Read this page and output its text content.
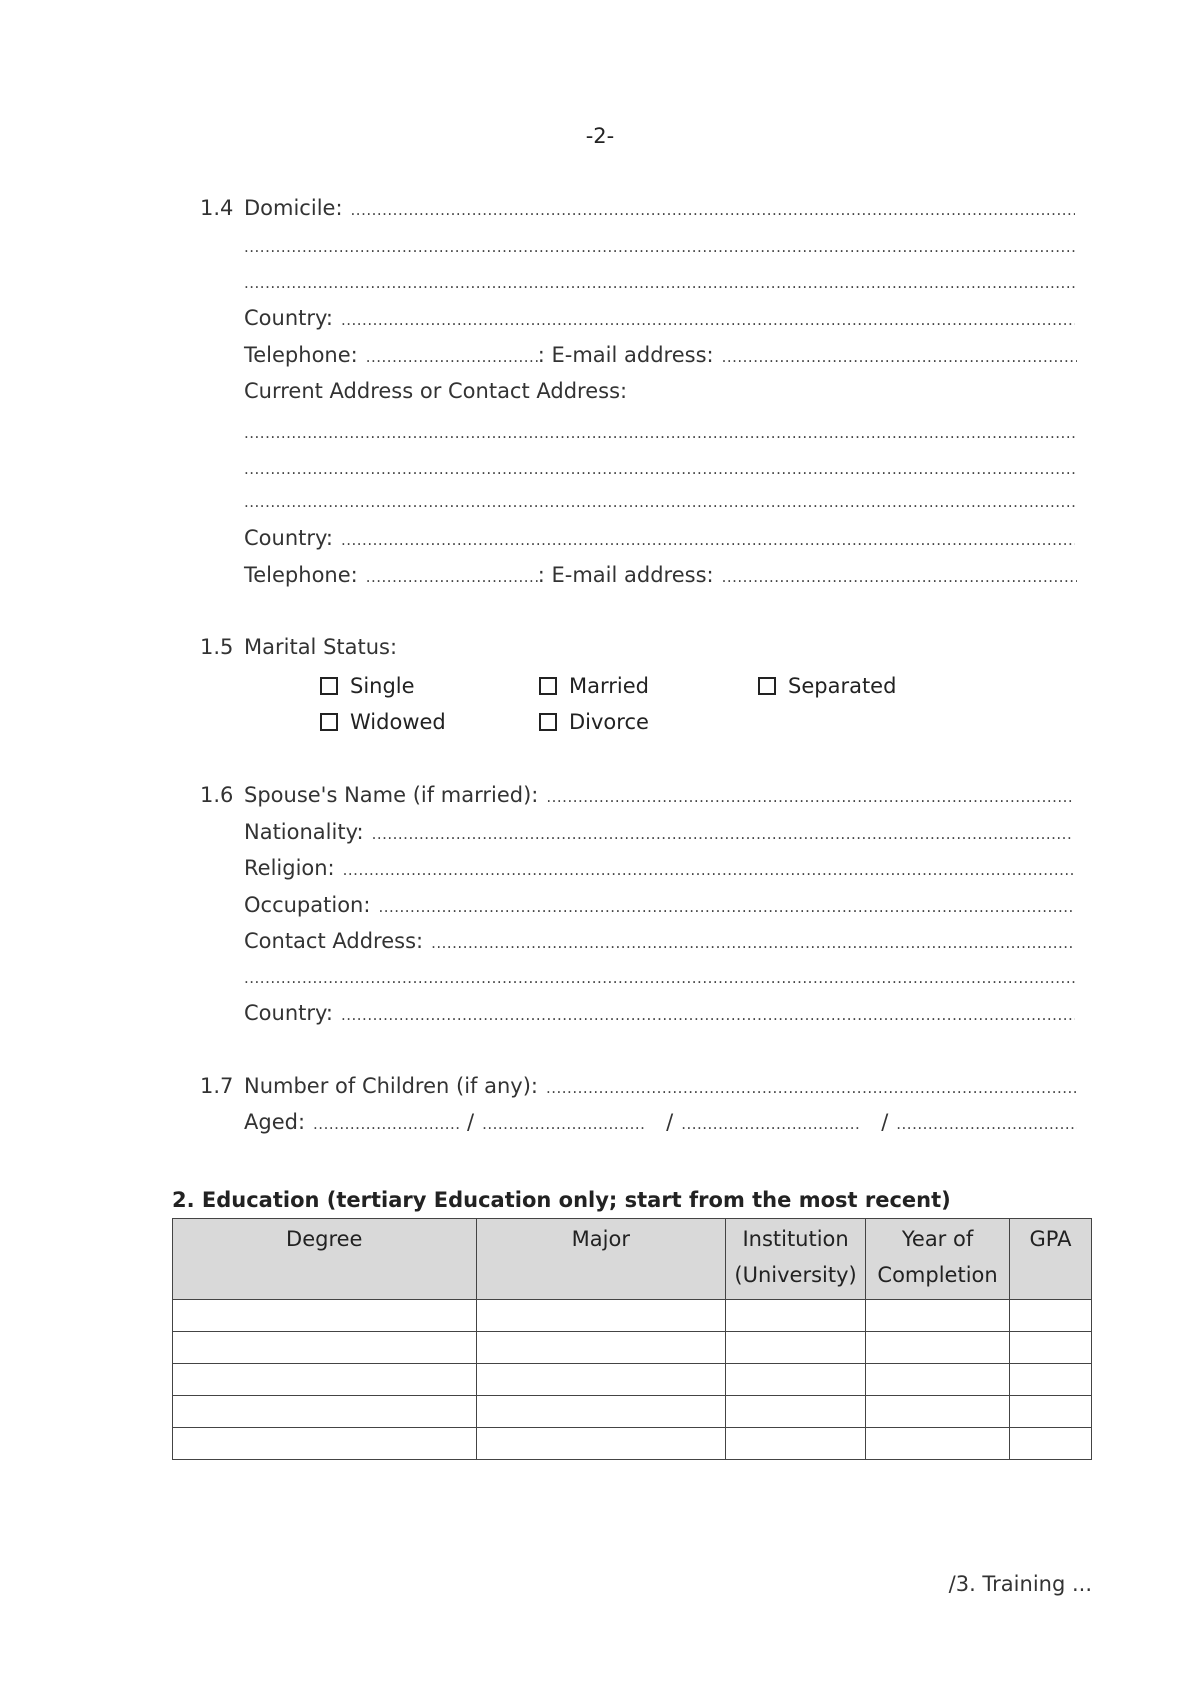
-2-
1.4 Domicile:
.....
.....
.....
Country:
.....
Telephone: .....	: E-mail address:
.....
Current Address or Contact Address:
.....
.....
.....
Country:
.....
Telephone: .....	: E-mail address:
.....
1.5 Marital Status:
Single	Married	Separated
Widowed	Divorce
1.6 Spouse's Name (if married):
.....
Nationality:
.....
Religion:
.....
Occupation:
.....
Contact Address:
.....
.....
Country:
.....
1.7 Number of Children (if any):
.....
Aged: .....	/ .....	/ .....	/
.....
2. Education (tertiary Education only; start from the most recent)
Degree	Major	Institution (University)	Year of Completion	GPA

/3. Training ...
